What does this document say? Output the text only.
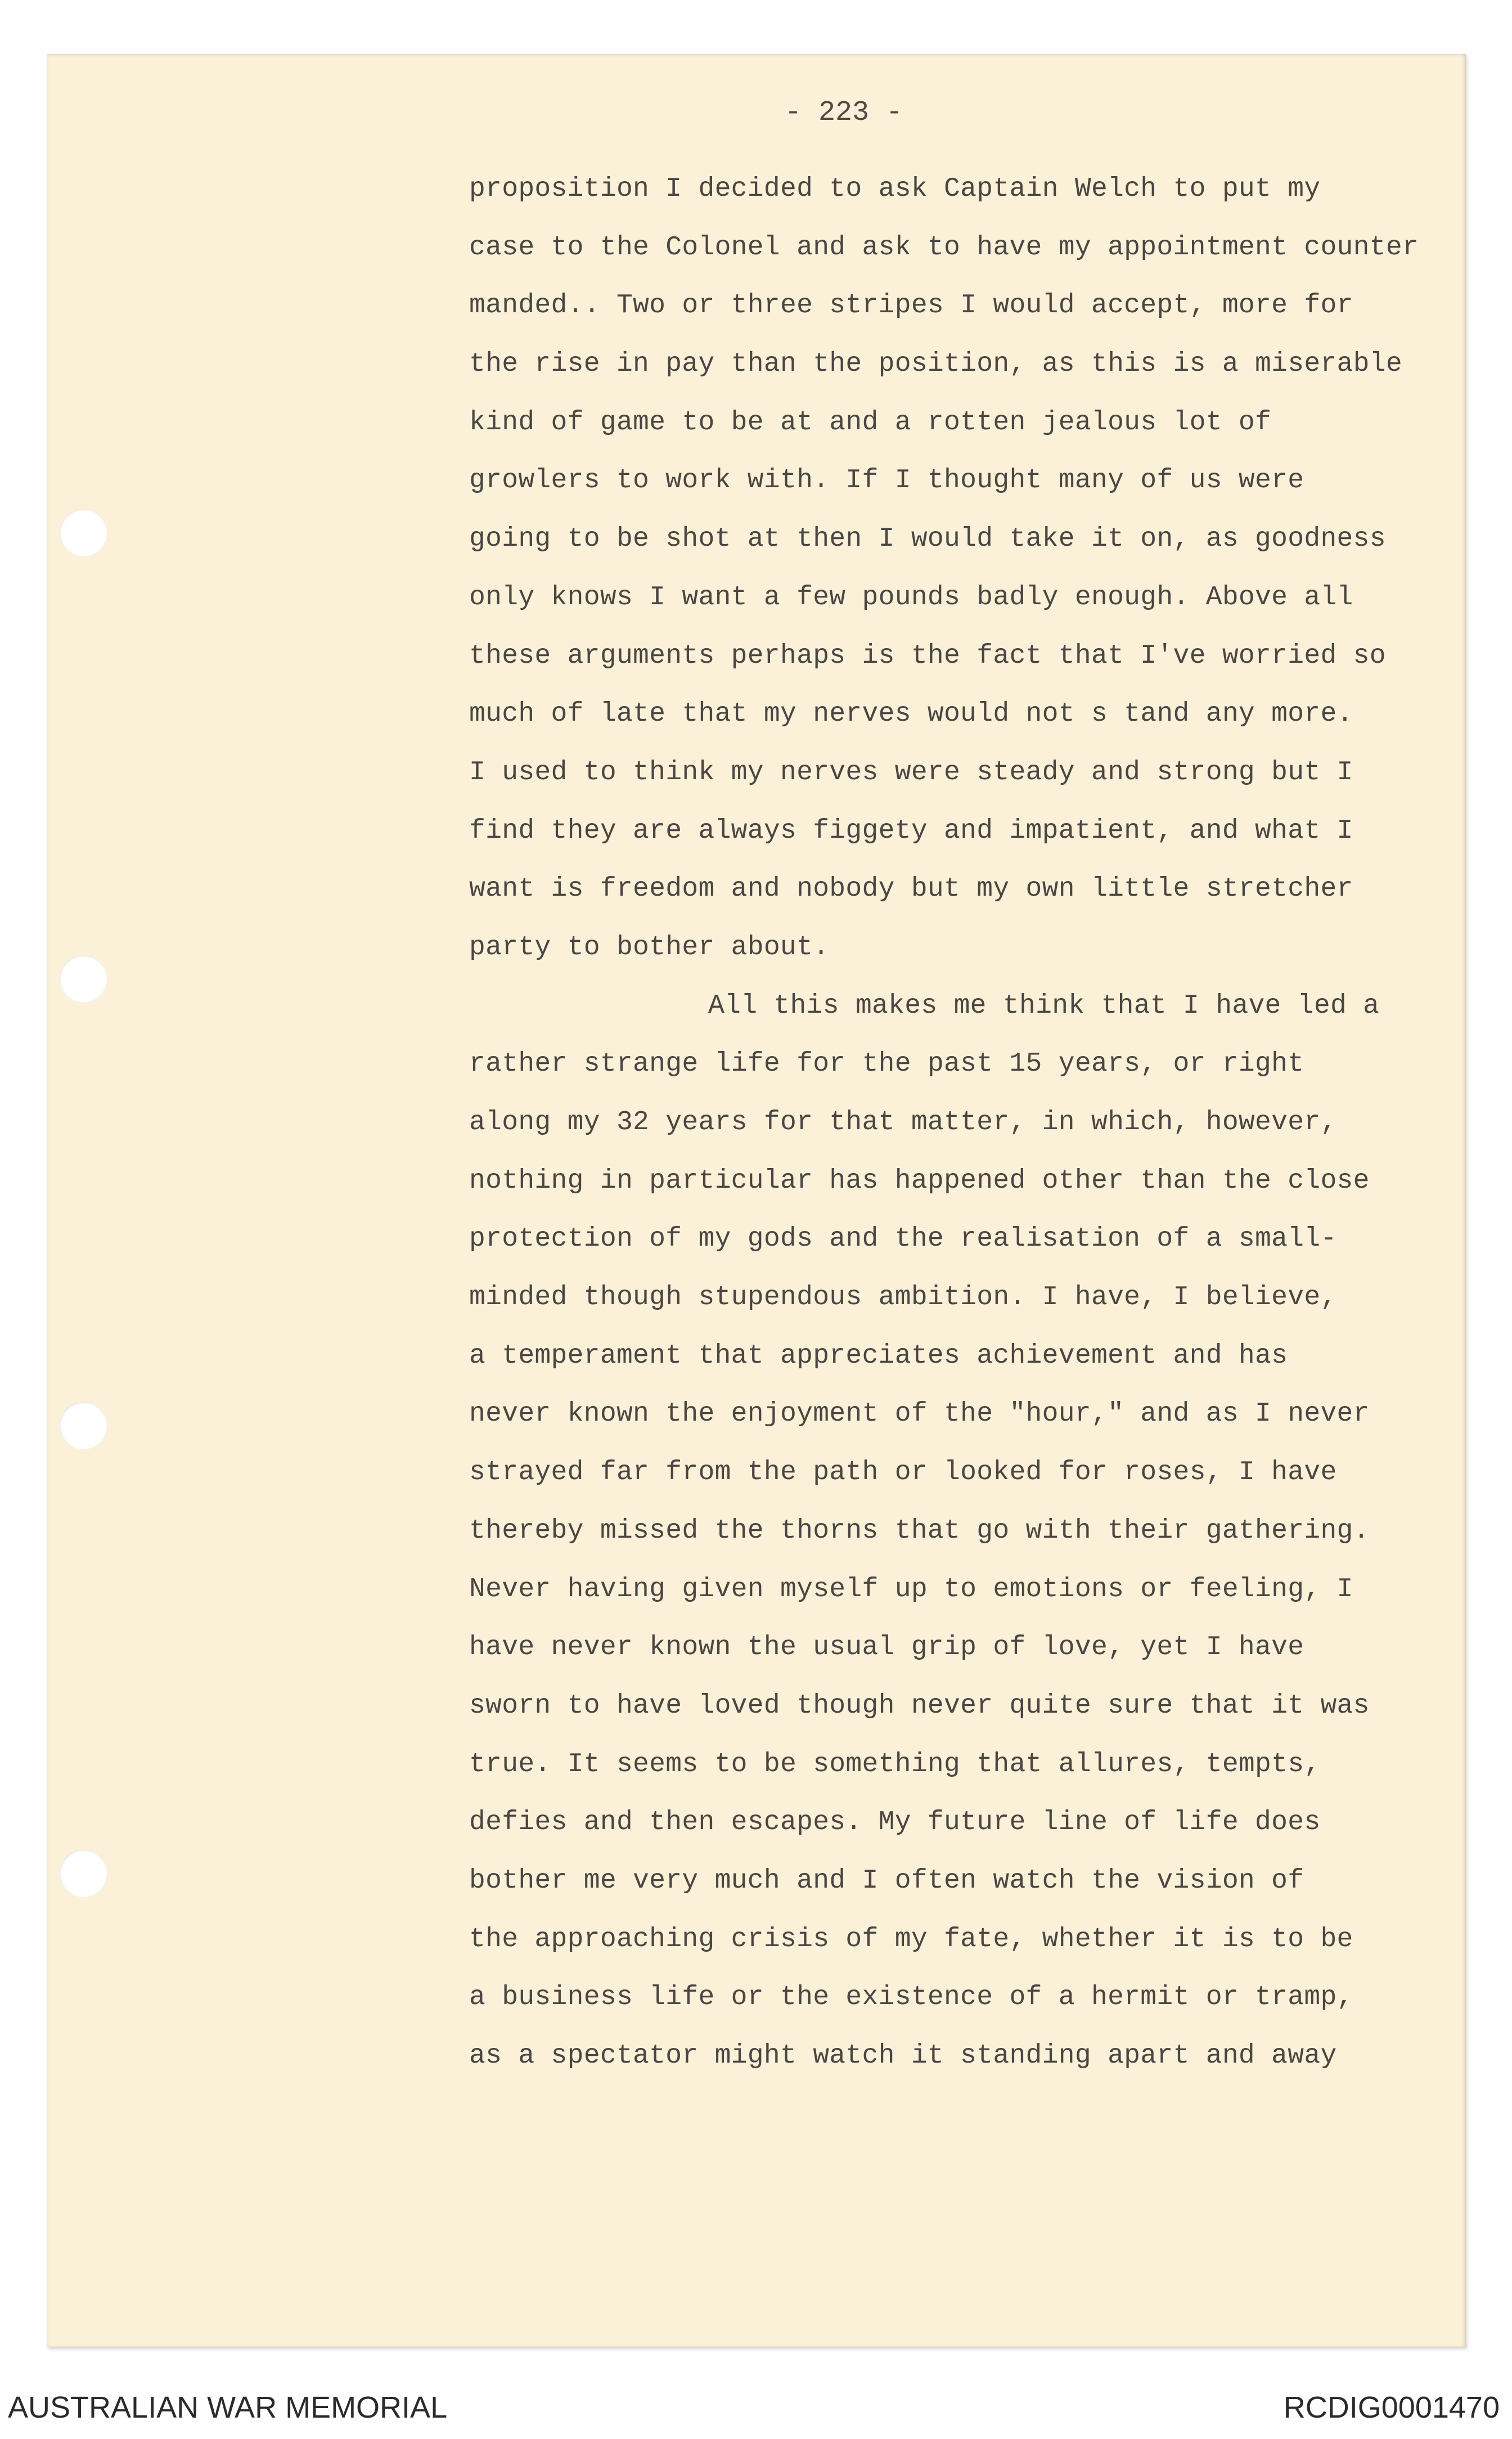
- 223 -
proposition I decided to ask Captain Welch to put my
case to the Colonel and ask to have my appointment counter
manded.. Two or three stripes I would accept, more for
the rise in pay than the position, as this is a miserable
kind of game to be at and a rotten jealous lot of
growlers to work with. If I thought many of us were
going to be shot at then I would take it on, as goodness
only knows I want a few pounds badly enough. Above all
these arguments perhaps is the fact that I've worried so
much of late that my nerves would not s tand any more.
I used to think my nerves were steady and strong but I
find they are always figgety and impatient, and what I
want is freedom and nobody but my own little stretcher
party to bother about.
All this makes me think that I have led a
rather strange life for the past 15 years, or right
along my 32 years for that matter, in which, however,
nothing in particular has happened other than the close
protection of my gods and the realisation of a small-
minded though stupendous ambition. I have, I believe,
a temperament that appreciates achievement and has
never known the enjoyment of the "hour," and as I never
strayed far from the path or looked for roses, I have
thereby missed the thorns that go with their gathering.
Never having given myself up to emotions or feeling, I
have never known the usual grip of love, yet I have
sworn to have loved though never quite sure that it was
true. It seems to be something that allures, tempts,
defies and then escapes. My future line of life does
bother me very much and I often watch the vision of
the approaching crisis of my fate, whether it is to be
a business life or the existence of a hermit or tramp,
as a spectator might watch it standing apart and away
AUSTRALIAN WAR MEMORIAL	RCDIG0001470
